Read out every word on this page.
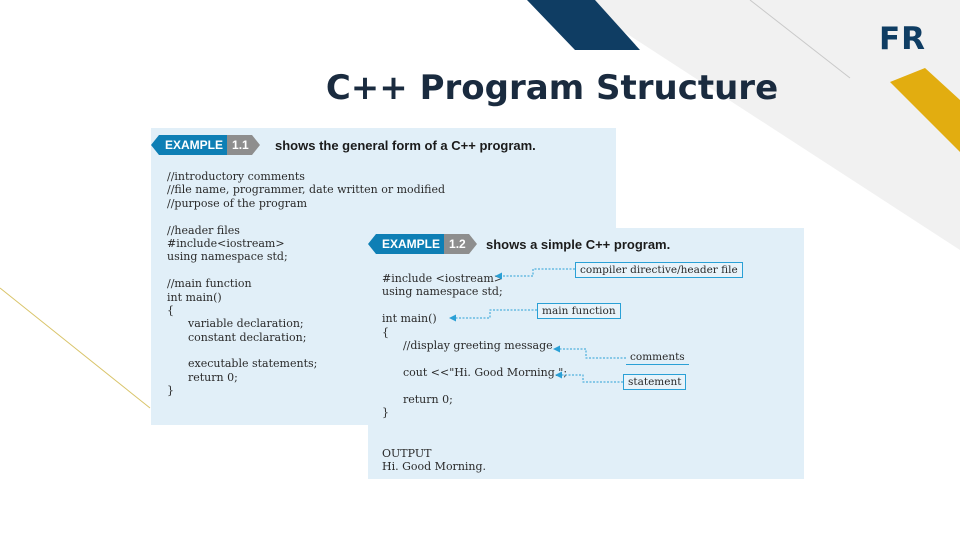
FR
C++ Program Structure
EXAMPLE 1.1 shows the general form of a C++ program.
//introductory comments
//file name, programmer, date written or modified
//purpose of the program
//header files
#include<iostream>
using namespace std;
//main function
int main()
{
variable declaration;
constant declaration;
executable statements;
return 0;
}
EXAMPLE 1.2 shows a simple C++ program.
#include <iostream>
using namespace std;
int main()
{
//display greeting message
cout <<"Hi. Good Morning.";
return 0;
}
OUTPUT
Hi. Good Morning.
compiler directive/header file
main function
comments
statement
